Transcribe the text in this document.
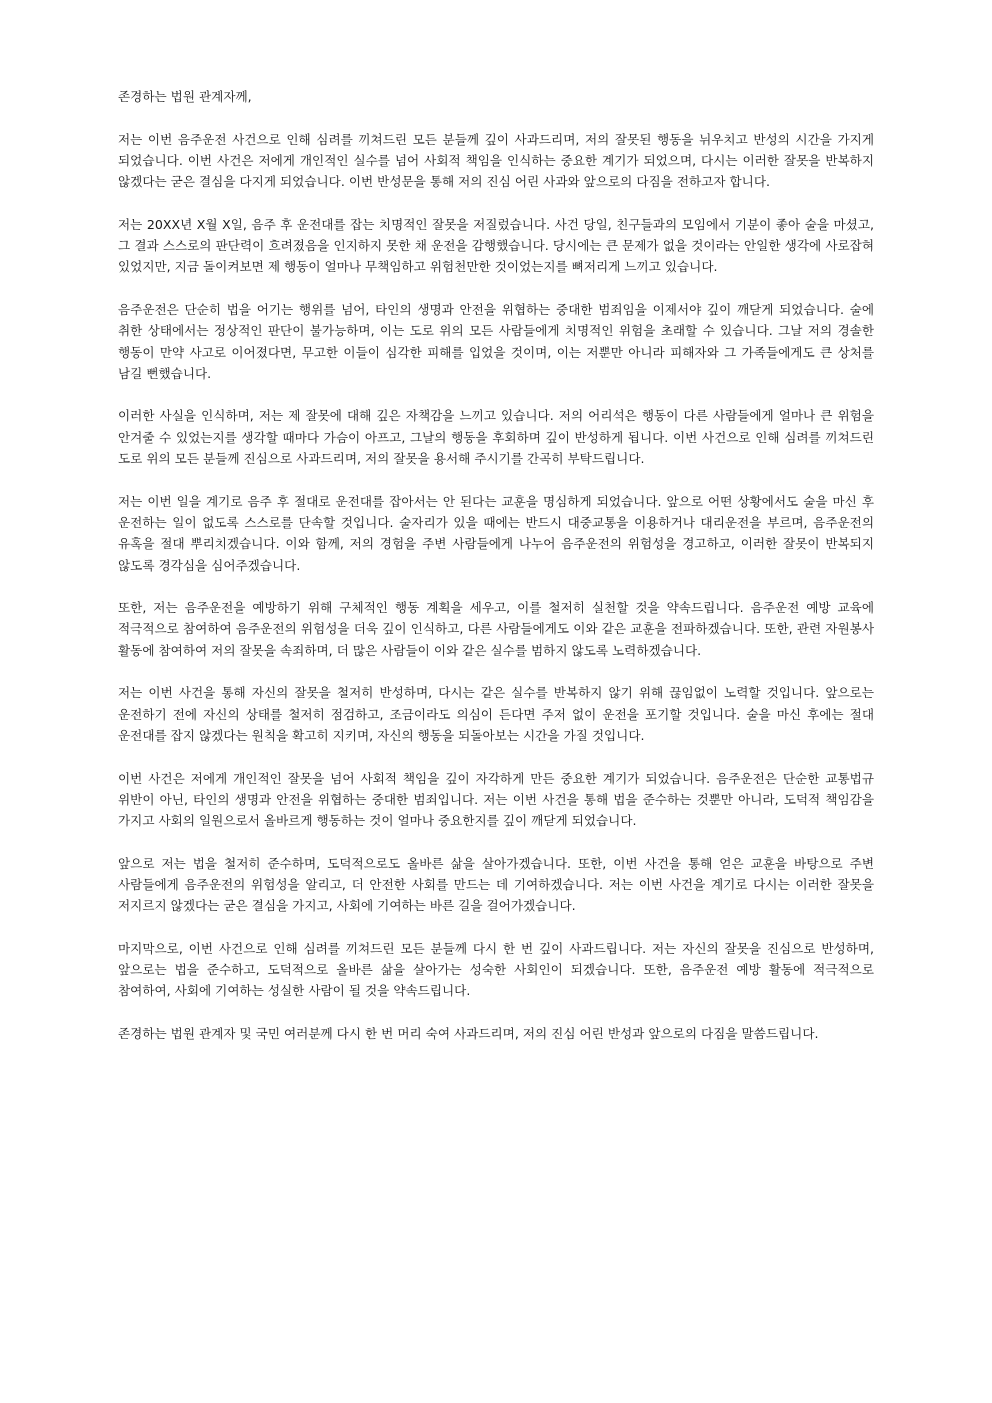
존경하는 법원 관계자께,

저는 이번 음주운전 사건으로 인해 심려를 끼쳐드린 모든 분들께 깊이 사과드리며, 저의 잘못된 행동을 뉘우치고 반성의 시간을 가지게 되었습니다. 이번 사건은 저에게 개인적인 실수를 넘어 사회적 책임을 인식하는 중요한 계기가 되었으며, 다시는 이러한 잘못을 반복하지 않겠다는 굳은 결심을 다지게 되었습니다. 이번 반성문을 통해 저의 진심 어린 사과와 앞으로의 다짐을 전하고자 합니다.

저는 20XX년 X월 X일, 음주 후 운전대를 잡는 치명적인 잘못을 저질렀습니다. 사건 당일, 친구들과의 모임에서 기분이 좋아 술을 마셨고, 그 결과 스스로의 판단력이 흐려졌음을 인지하지 못한 채 운전을 감행했습니다. 당시에는 큰 문제가 없을 것이라는 안일한 생각에 사로잡혀 있었지만, 지금 돌이켜보면 제 행동이 얼마나 무책임하고 위험천만한 것이었는지를 뼈저리게 느끼고 있습니다.

음주운전은 단순히 법을 어기는 행위를 넘어, 타인의 생명과 안전을 위협하는 중대한 범죄임을 이제서야 깊이 깨닫게 되었습니다. 술에 취한 상태에서는 정상적인 판단이 불가능하며, 이는 도로 위의 모든 사람들에게 치명적인 위험을 초래할 수 있습니다. 그날 저의 경솔한 행동이 만약 사고로 이어졌다면, 무고한 이들이 심각한 피해를 입었을 것이며, 이는 저뿐만 아니라 피해자와 그 가족들에게도 큰 상처를 남길 뻔했습니다.

이러한 사실을 인식하며, 저는 제 잘못에 대해 깊은 자책감을 느끼고 있습니다. 저의 어리석은 행동이 다른 사람들에게 얼마나 큰 위험을 안겨줄 수 있었는지를 생각할 때마다 가슴이 아프고, 그날의 행동을 후회하며 깊이 반성하게 됩니다. 이번 사건으로 인해 심려를 끼쳐드린 도로 위의 모든 분들께 진심으로 사과드리며, 저의 잘못을 용서해 주시기를 간곡히 부탁드립니다.

저는 이번 일을 계기로 음주 후 절대로 운전대를 잡아서는 안 된다는 교훈을 명심하게 되었습니다. 앞으로 어떤 상황에서도 술을 마신 후 운전하는 일이 없도록 스스로를 단속할 것입니다. 술자리가 있을 때에는 반드시 대중교통을 이용하거나 대리운전을 부르며, 음주운전의 유혹을 절대 뿌리치겠습니다. 이와 함께, 저의 경험을 주변 사람들에게 나누어 음주운전의 위험성을 경고하고, 이러한 잘못이 반복되지 않도록 경각심을 심어주겠습니다.

또한, 저는 음주운전을 예방하기 위해 구체적인 행동 계획을 세우고, 이를 철저히 실천할 것을 약속드립니다. 음주운전 예방 교육에 적극적으로 참여하여 음주운전의 위험성을 더욱 깊이 인식하고, 다른 사람들에게도 이와 같은 교훈을 전파하겠습니다. 또한, 관련 자원봉사 활동에 참여하여 저의 잘못을 속죄하며, 더 많은 사람들이 이와 같은 실수를 범하지 않도록 노력하겠습니다.

저는 이번 사건을 통해 자신의 잘못을 철저히 반성하며, 다시는 같은 실수를 반복하지 않기 위해 끊임없이 노력할 것입니다. 앞으로는 운전하기 전에 자신의 상태를 철저히 점검하고, 조금이라도 의심이 든다면 주저 없이 운전을 포기할 것입니다. 술을 마신 후에는 절대 운전대를 잡지 않겠다는 원칙을 확고히 지키며, 자신의 행동을 되돌아보는 시간을 가질 것입니다.

이번 사건은 저에게 개인적인 잘못을 넘어 사회적 책임을 깊이 자각하게 만든 중요한 계기가 되었습니다. 음주운전은 단순한 교통법규 위반이 아닌, 타인의 생명과 안전을 위협하는 중대한 범죄입니다. 저는 이번 사건을 통해 법을 준수하는 것뿐만 아니라, 도덕적 책임감을 가지고 사회의 일원으로서 올바르게 행동하는 것이 얼마나 중요한지를 깊이 깨닫게 되었습니다.

앞으로 저는 법을 철저히 준수하며, 도덕적으로도 올바른 삶을 살아가겠습니다. 또한, 이번 사건을 통해 얻은 교훈을 바탕으로 주변 사람들에게 음주운전의 위험성을 알리고, 더 안전한 사회를 만드는 데 기여하겠습니다. 저는 이번 사건을 계기로 다시는 이러한 잘못을 저지르지 않겠다는 굳은 결심을 가지고, 사회에 기여하는 바른 길을 걸어가겠습니다.

마지막으로, 이번 사건으로 인해 심려를 끼쳐드린 모든 분들께 다시 한 번 깊이 사과드립니다. 저는 자신의 잘못을 진심으로 반성하며, 앞으로는 법을 준수하고, 도덕적으로 올바른 삶을 살아가는 성숙한 사회인이 되겠습니다. 또한, 음주운전 예방 활동에 적극적으로 참여하여, 사회에 기여하는 성실한 사람이 될 것을 약속드립니다.

존경하는 법원 관계자 및 국민 여러분께 다시 한 번 머리 숙여 사과드리며, 저의 진심 어린 반성과 앞으로의 다짐을 말씀드립니다.
